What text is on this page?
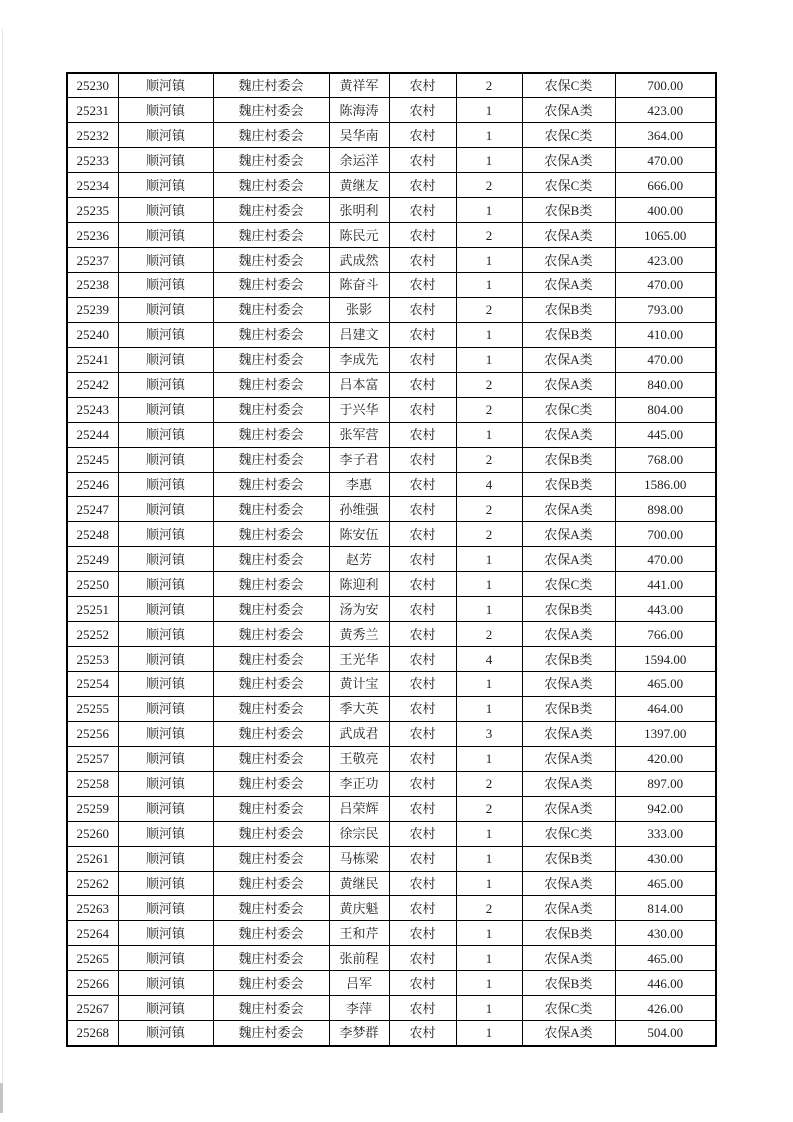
25230	顺河镇	魏庄村委会	黄祥军	农村	2	农保C类	700.00
25231	顺河镇	魏庄村委会	陈海涛	农村	1	农保A类	423.00
25232	顺河镇	魏庄村委会	吴华南	农村	1	农保C类	364.00
25233	顺河镇	魏庄村委会	余运洋	农村	1	农保A类	470.00
25234	顺河镇	魏庄村委会	黄继友	农村	2	农保C类	666.00
25235	顺河镇	魏庄村委会	张明利	农村	1	农保B类	400.00
25236	顺河镇	魏庄村委会	陈民元	农村	2	农保A类	1065.00
25237	顺河镇	魏庄村委会	武成然	农村	1	农保A类	423.00
25238	顺河镇	魏庄村委会	陈奋斗	农村	1	农保A类	470.00
25239	顺河镇	魏庄村委会	张影	农村	2	农保B类	793.00
25240	顺河镇	魏庄村委会	吕建文	农村	1	农保B类	410.00
25241	顺河镇	魏庄村委会	李成先	农村	1	农保A类	470.00
25242	顺河镇	魏庄村委会	吕本富	农村	2	农保A类	840.00
25243	顺河镇	魏庄村委会	于兴华	农村	2	农保C类	804.00
25244	顺河镇	魏庄村委会	张军营	农村	1	农保A类	445.00
25245	顺河镇	魏庄村委会	李子君	农村	2	农保B类	768.00
25246	顺河镇	魏庄村委会	李惠	农村	4	农保B类	1586.00
25247	顺河镇	魏庄村委会	孙维强	农村	2	农保A类	898.00
25248	顺河镇	魏庄村委会	陈安伍	农村	2	农保A类	700.00
25249	顺河镇	魏庄村委会	赵芳	农村	1	农保A类	470.00
25250	顺河镇	魏庄村委会	陈迎利	农村	1	农保C类	441.00
25251	顺河镇	魏庄村委会	汤为安	农村	1	农保B类	443.00
25252	顺河镇	魏庄村委会	黄秀兰	农村	2	农保A类	766.00
25253	顺河镇	魏庄村委会	王光华	农村	4	农保B类	1594.00
25254	顺河镇	魏庄村委会	黄计宝	农村	1	农保A类	465.00
25255	顺河镇	魏庄村委会	季大英	农村	1	农保B类	464.00
25256	顺河镇	魏庄村委会	武成君	农村	3	农保A类	1397.00
25257	顺河镇	魏庄村委会	王敬亮	农村	1	农保A类	420.00
25258	顺河镇	魏庄村委会	李正功	农村	2	农保A类	897.00
25259	顺河镇	魏庄村委会	吕荣辉	农村	2	农保A类	942.00
25260	顺河镇	魏庄村委会	徐宗民	农村	1	农保C类	333.00
25261	顺河镇	魏庄村委会	马栋梁	农村	1	农保B类	430.00
25262	顺河镇	魏庄村委会	黄继民	农村	1	农保A类	465.00
25263	顺河镇	魏庄村委会	黄庆魁	农村	2	农保A类	814.00
25264	顺河镇	魏庄村委会	王和芹	农村	1	农保B类	430.00
25265	顺河镇	魏庄村委会	张前程	农村	1	农保A类	465.00
25266	顺河镇	魏庄村委会	吕军	农村	1	农保B类	446.00
25267	顺河镇	魏庄村委会	李萍	农村	1	农保C类	426.00
25268	顺河镇	魏庄村委会	李梦群	农村	1	农保A类	504.00
